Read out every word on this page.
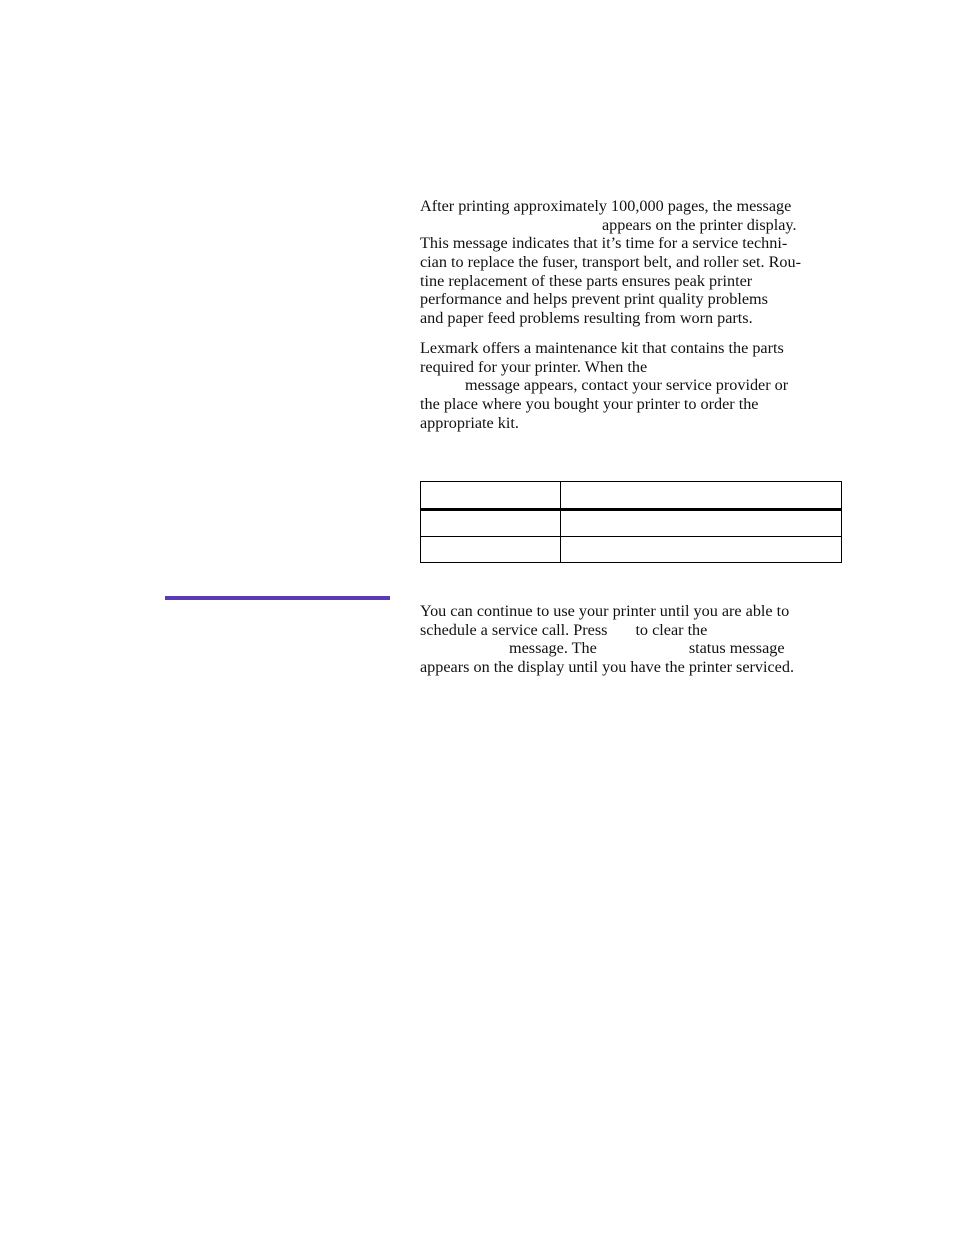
After printing approximately 100,000 pages, the message
appears on the printer display.
This message indicates that it’s time for a service techni-
cian to replace the fuser, transport belt, and roller set. Rou-
tine replacement of these parts ensures peak printer
performance and helps prevent print quality problems
and paper feed problems resulting from worn parts.

Lexmark offers a maintenance kit that contains the parts
required for your printer. When the
message appears, contact your service provider or
the place where you bought your printer to order the
appropriate kit.

You can continue to use your printer until you are able to
schedule a service call. Press to clear the
message. The	status message
appears on the display until you have the printer serviced.
